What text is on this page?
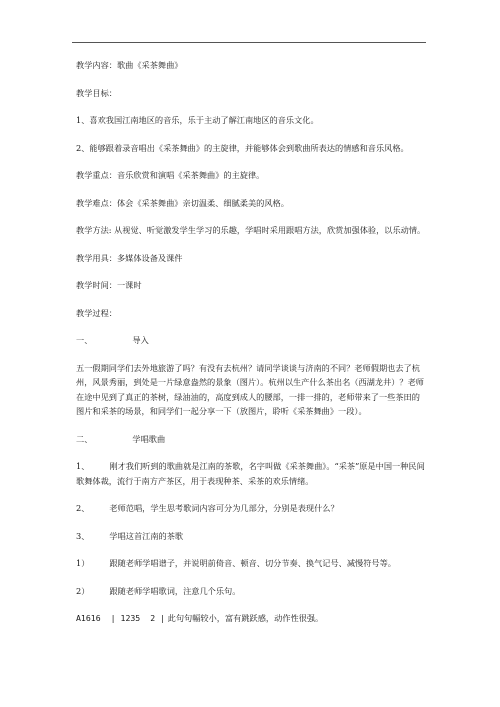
教学内容：歌曲《采茶舞曲》

教学目标：

1、喜欢我国江南地区的音乐，乐于主动了解江南地区的音乐文化。

2、能够跟着录音唱出《采茶舞曲》的主旋律，并能够体会到歌曲所表达的情感和音乐风格。

教学重点：音乐欣赏和演唱《采茶舞曲》的主旋律。

教学难点：体会《采茶舞曲》亲切温柔、细腻柔美的风格。

教学方法: 从视觉、听觉激发学生学习的乐趣，学唱时采用跟唱方法，欣赏加强体验，以乐动情。

教学用具：多媒体设备及课件

教学时间：一课时

教学过程：

一、	导入

五一假期同学们去外地旅游了吗？有没有去杭州？请同学谈谈与济南的不同？老师假期也去了杭州，风景秀丽，到处是一片绿意盎然的景象（图片）。杭州以生产什么茶出名（西湖龙井）？老师在途中见到了真正的茶树，绿油油的，高度到成人的腰部，一排一排的，老师带来了一些茶田的图片和采茶的场景，和同学们一起分享一下（放图片，聆听《采茶舞曲》一段）。

二、	学唱歌曲

1、 刚才我们听到的歌曲就是江南的茶歌，名字叫做《采茶舞曲》。“采茶”原是中国一种民间歌舞体裁，流行于南方产茶区，用于表现种茶、采茶的欢乐情绪。

2、 老师范唱，学生思考歌词内容可分为几部分，分别是表现什么？

3、 学唱这首江南的茶歌

1） 跟随老师学唱谱子，并说明前倚音、顿音、切分节奏、换气记号、减慢符号等。

2） 跟随老师学唱歌词，注意几个乐句。

A1616 | 1235 2 | 此句句幅较小，富有跳跃感，动作性很强。
